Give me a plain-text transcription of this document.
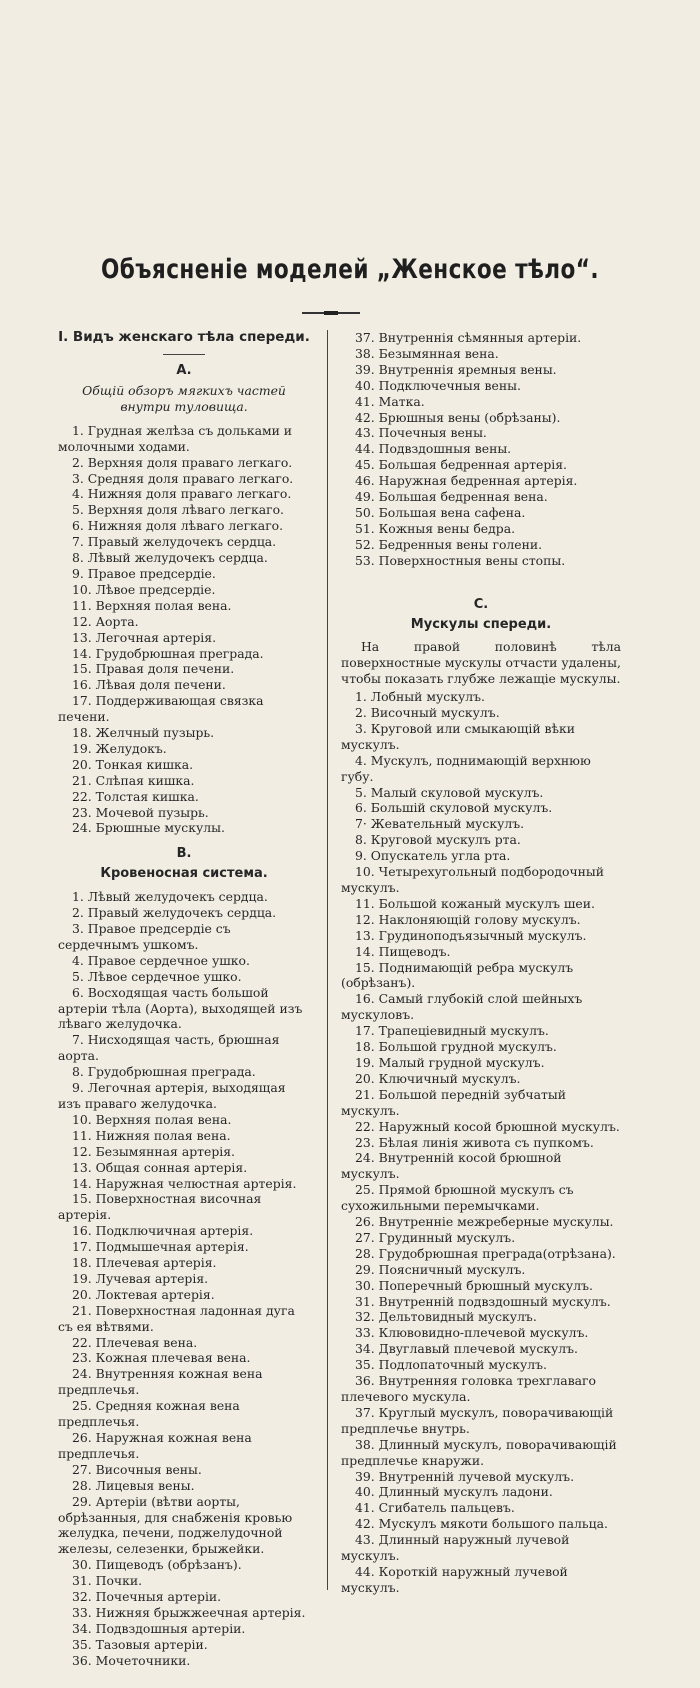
Объясненіе моделей „Женское тѣло“.
I. Видъ женскаго тѣла спереди.
A.
Общій обзоръ мягкихъ частей внутри туловища.
1. Грудная желѣза съ дольками и молочными ходами.
2. Верхняя доля праваго легкаго.
3. Средняя доля праваго легкаго.
4. Нижняя доля праваго легкаго.
5. Верхняя доля лѣваго легкаго.
6. Нижняя доля лѣваго легкаго.
7. Правый желудочекъ сердца.
8. Лѣвый желудочекъ сердца.
9. Правое предсердіе.
10. Лѣвое предсердіе.
11. Верхняя полая вена.
12. Аорта.
13. Легочная артерія.
14. Грудобрюшная преграда.
15. Правая доля печени.
16. Лѣвая доля печени.
17. Поддерживающая связка печени.
18. Желчный пузырь.
19. Желудокъ.
20. Тонкая кишка.
21. Слѣпая кишка.
22. Толстая кишка.
23. Мочевой пузырь.
24. Брюшные мускулы.
B.
Кровеносная система.
1. Лѣвый желудочекъ сердца.
2. Правый желудочекъ сердца.
3. Правое предсердіе съ сердечнымъ ушкомъ.
4. Правое сердечное ушко.
5. Лѣвое сердечное ушко.
6. Восходящая часть большой артеріи тѣла (Аорта), выходящей изъ лѣваго желудочка.
7. Нисходящая часть, брюшная аорта.
8. Грудобрюшная преграда.
9. Легочная артерія, выходящая изъ праваго желудочка.
10. Верхняя полая вена.
11. Нижняя полая вена.
12. Безымянная артерія.
13. Общая сонная артерія.
14. Наружная челюстная артерія.
15. Поверхностная височная артерія.
16. Подключичная артерія.
17. Подмышечная артерія.
18. Плечевая артерія.
19. Лучевая артерія.
20. Локтевая артерія.
21. Поверхностная ладонная дуга съ ея вѣтвями.
22. Плечевая вена.
23. Кожная плечевая вена.
24. Внутренняя кожная вена предплечья.
25. Средняя кожная вена предплечья.
26. Наружная кожная вена предплечья.
27. Височныя вены.
28. Лицевыя вены.
29. Артеріи (вѣтви аорты, обрѣзанныя, для снабженія кровью желудка, печени, поджелудочной железы, селезенки, брыжейки.
30. Пищеводъ (обрѣзанъ).
31. Почки.
32. Почечныя артеріи.
33. Нижняя брыжжеечная артерія.
34. Подвздошныя артеріи.
35. Тазовыя артеріи.
36. Мочеточники.
37. Внутреннія сѣмянныя артеріи.
38. Безымянная вена.
39. Внутреннія яремныя вены.
40. Подключечныя вены.
41. Матка.
42. Брюшныя вены (обрѣзаны).
43. Почечныя вены.
44. Подвздошныя вены.
45. Большая бедренная артерія.
46. Наружная бедренная артерія.
49. Большая бедренная вена.
50. Большая вена сафена.
51. Кожныя вены бедра.
52. Бедренныя вены голени.
53. Поверхностныя вены стопы.
C.
Мускулы спереди.
На правой половинѣ тѣла поверхностные мускулы отчасти удалены, чтобы показать глубже лежащіе мускулы.
1. Лобный мускулъ.
2. Височный мускулъ.
3. Круговой или смыкающій вѣки мускулъ.
4. Мускулъ, поднимающій верхнюю губу.
5. Малый скуловой мускулъ.
6. Большій скуловой мускулъ.
7· Жевательный мускулъ.
8. Круговой мускулъ рта.
9. Опускатель угла рта.
10. Четырехугольный подбородочный мускулъ.
11. Большой кожаный мускулъ шеи.
12. Наклоняющій голову мускулъ.
13. Грудиноподъязычный мускулъ.
14. Пищеводъ.
15. Поднимающій ребра мускулъ (обрѣзанъ).
16. Самый глубокій слой шейныхъ мускуловъ.
17. Трапецiевидный мускулъ.
18. Большой грудной мускулъ.
19. Малый грудной мускулъ.
20. Ключичный мускулъ.
21. Большой передній зубчатый мускулъ.
22. Наружный косой брюшной мускулъ.
23. Бѣлая линія живота съ пупкомъ.
24. Внутренній косой брюшной мускулъ.
25. Прямой брюшной мускулъ съ сухожильными перемычками.
26. Внутренніе межреберные мускулы.
27. Грудинный мускулъ.
28. Грудобрюшная преграда(отрѣзана).
29. Поясничный мускулъ.
30. Поперечный брюшный мускулъ.
31. Внутренній подвздошный мускулъ.
32. Дельтовидный мускулъ.
33. Клювовидно-плечевой мускулъ.
34. Двуглавый плечевой мускулъ.
35. Подлопаточный мускулъ.
36. Внутренняя головка трехглаваго плечевого мускула.
37. Круглый мускулъ, поворачивающій предплечье внутрь.
38. Длинный мускулъ, поворачивающій предплечье кнаружи.
39. Внутренній лучевой мускулъ.
40. Длинный мускулъ ладони.
41. Сгибатель пальцевъ.
42. Мускулъ мякоти большого пальца.
43. Длинный наружный лучевой мускулъ.
44. Короткій наружный лучевой мускулъ.
